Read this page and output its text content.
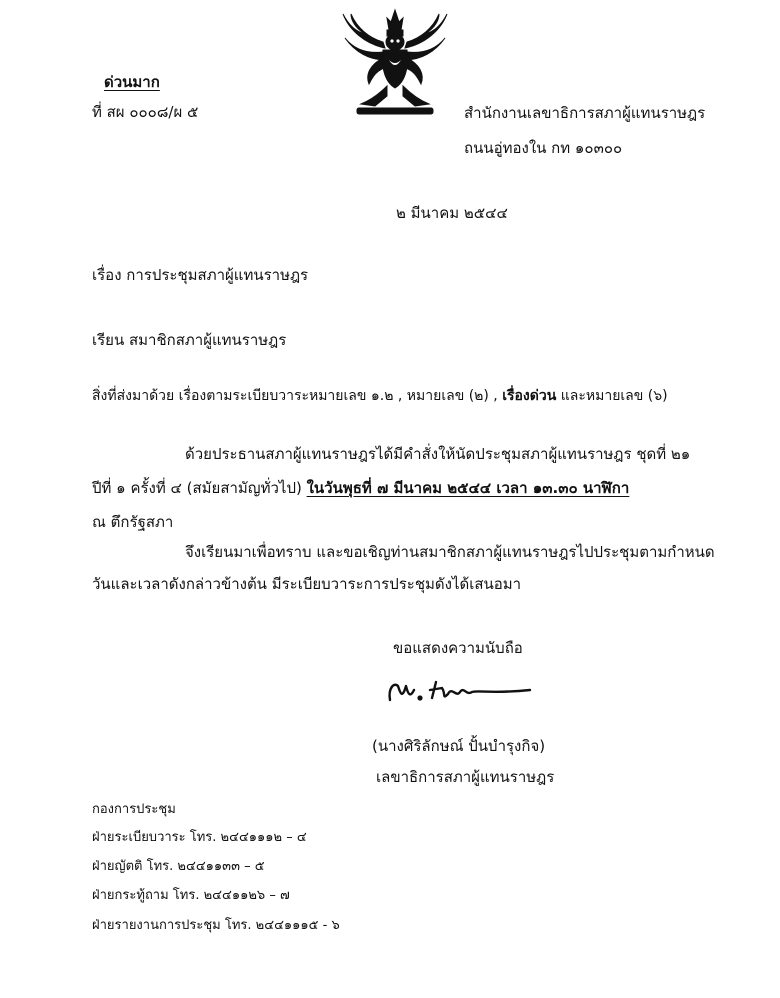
ด่วนมาก
ที่ สผ ๐๐๐๘/ผ ๕	สำนักงานเลขาธิการสภาผู้แทนราษฎร
ถนนอู่ทองใน กท ๑๐๓๐๐
๒ มีนาคม ๒๕๔๔
เรื่อง การประชุมสภาผู้แทนราษฎร
เรียน สมาชิกสภาผู้แทนราษฎร
สิ่งที่ส่งมาด้วย เรื่องตามระเบียบวาระหมายเลข ๑.๒ , หมายเลข (๒) , เรื่องด่วน และหมายเลข (๖)
ด้วยประธานสภาผู้แทนราษฎรได้มีคำสั่งให้นัดประชุมสภาผู้แทนราษฎร ชุดที่ ๒๑
ปีที่ ๑ ครั้งที่ ๔ (สมัยสามัญทั่วไป) ในวันพุธที่ ๗ มีนาคม ๒๕๔๔ เวลา ๑๓.๓๐ นาฬิกา
ณ ตึกรัฐสภา
จึงเรียนมาเพื่อทราบ และขอเชิญท่านสมาชิกสภาผู้แทนราษฎรไปประชุมตามกำหนด
วันและเวลาดังกล่าวข้างต้น มีระเบียบวาระการประชุมดังได้เสนอมา
ขอแสดงความนับถือ
(นางศิริลักษณ์ ปั้นบำรุงกิจ)
เลขาธิการสภาผู้แทนราษฎร
กองการประชุม
ฝ่ายระเบียบวาระ โทร. ๒๔๔๑๑๑๒ – ๔
ฝ่ายญัตติ โทร. ๒๔๔๑๑๓๓ – ๕
ฝ่ายกระทู้ถาม โทร. ๒๔๔๑๑๒๖ – ๗
ฝ่ายรายงานการประชุม โทร. ๒๔๔๑๑๑๕ - ๖
